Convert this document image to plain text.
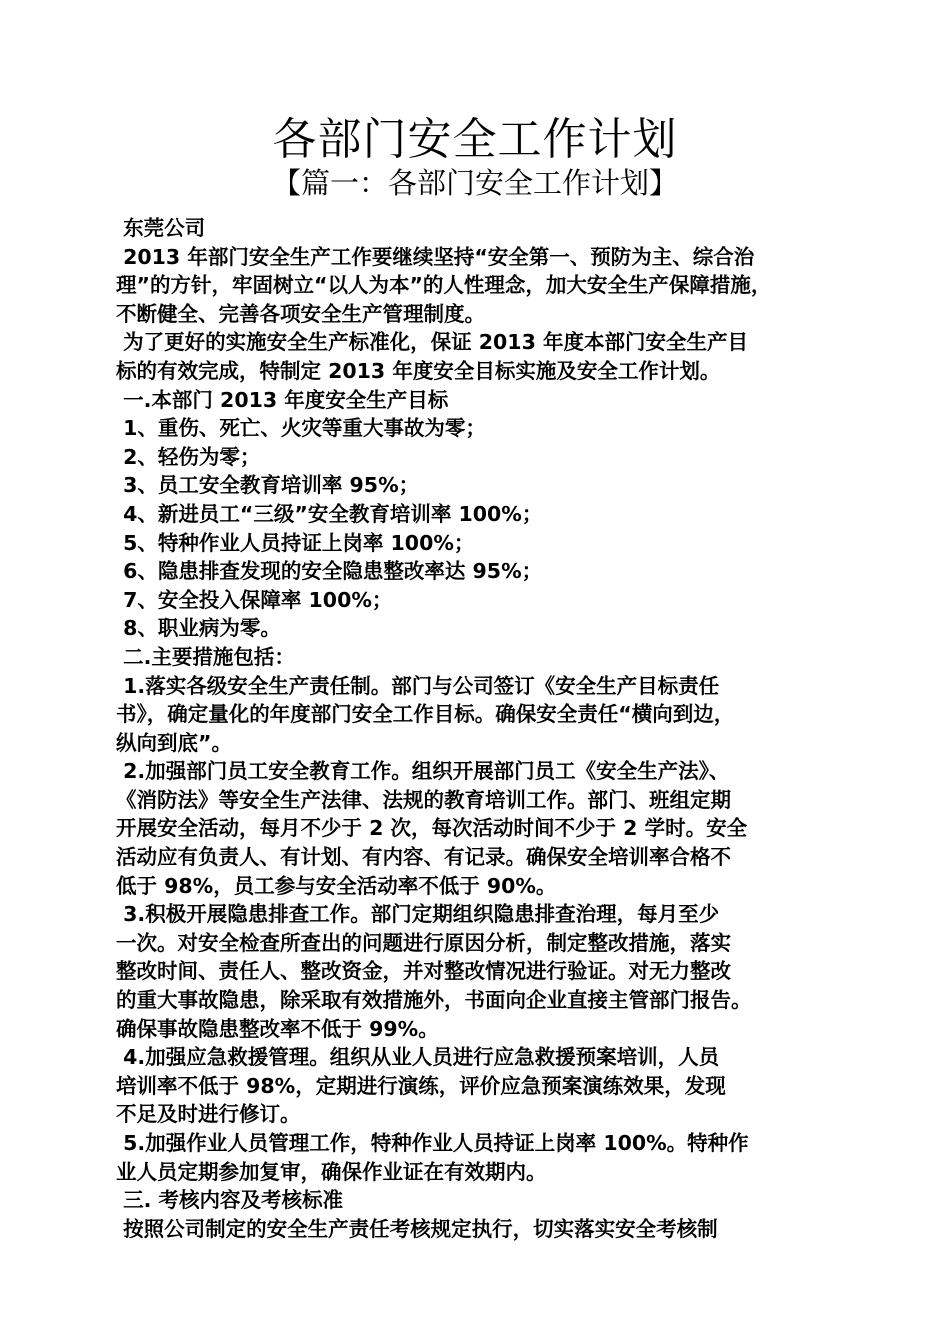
各部门安全工作计划
【篇一：各部门安全工作计划】
东莞公司
2013 年部门安全生产工作要继续坚持“安全第一、预防为主、综合治
理”的方针，牢固树立“以人为本”的人性理念，加大安全生产保障措施，
不断健全、完善各项安全生产管理制度。
为了更好的实施安全生产标准化，保证 2013 年度本部门安全生产目
标的有效完成，特制定 2013 年度安全目标实施及安全工作计划。
一.本部门 2013 年度安全生产目标
1、重伤、死亡、火灾等重大事故为零；
2、轻伤为零；
3、员工安全教育培训率 95%；
4、新进员工“三级”安全教育培训率 100%；
5、特种作业人员持证上岗率 100%；
6、隐患排查发现的安全隐患整改率达 95%；
7、安全投入保障率 100%；
8、职业病为零。
二.主要措施包括：
1.落实各级安全生产责任制。部门与公司签订《安全生产目标责任
书》，确定量化的年度部门安全工作目标。确保安全责任“横向到边，
纵向到底”。
2.加强部门员工安全教育工作。组织开展部门员工《安全生产法》、
《消防法》等安全生产法律、法规的教育培训工作。部门、班组定期
开展安全活动，每月不少于 2 次，每次活动时间不少于 2 学时。安全
活动应有负责人、有计划、有内容、有记录。确保安全培训率合格不
低于 98%，员工参与安全活动率不低于 90%。
3.积极开展隐患排查工作。部门定期组织隐患排查治理，每月至少
一次。对安全检查所查出的问题进行原因分析，制定整改措施，落实
整改时间、责任人、整改资金，并对整改情况进行验证。对无力整改
的重大事故隐患，除采取有效措施外，书面向企业直接主管部门报告。
确保事故隐患整改率不低于 99%。
4.加强应急救援管理。组织从业人员进行应急救援预案培训，人员
培训率不低于 98%，定期进行演练，评价应急预案演练效果，发现
不足及时进行修订。
5.加强作业人员管理工作，特种作业人员持证上岗率 100%。特种作
业人员定期参加复审，确保作业证在有效期内。
三. 考核内容及考核标准
按照公司制定的安全生产责任考核规定执行，切实落实安全考核制
